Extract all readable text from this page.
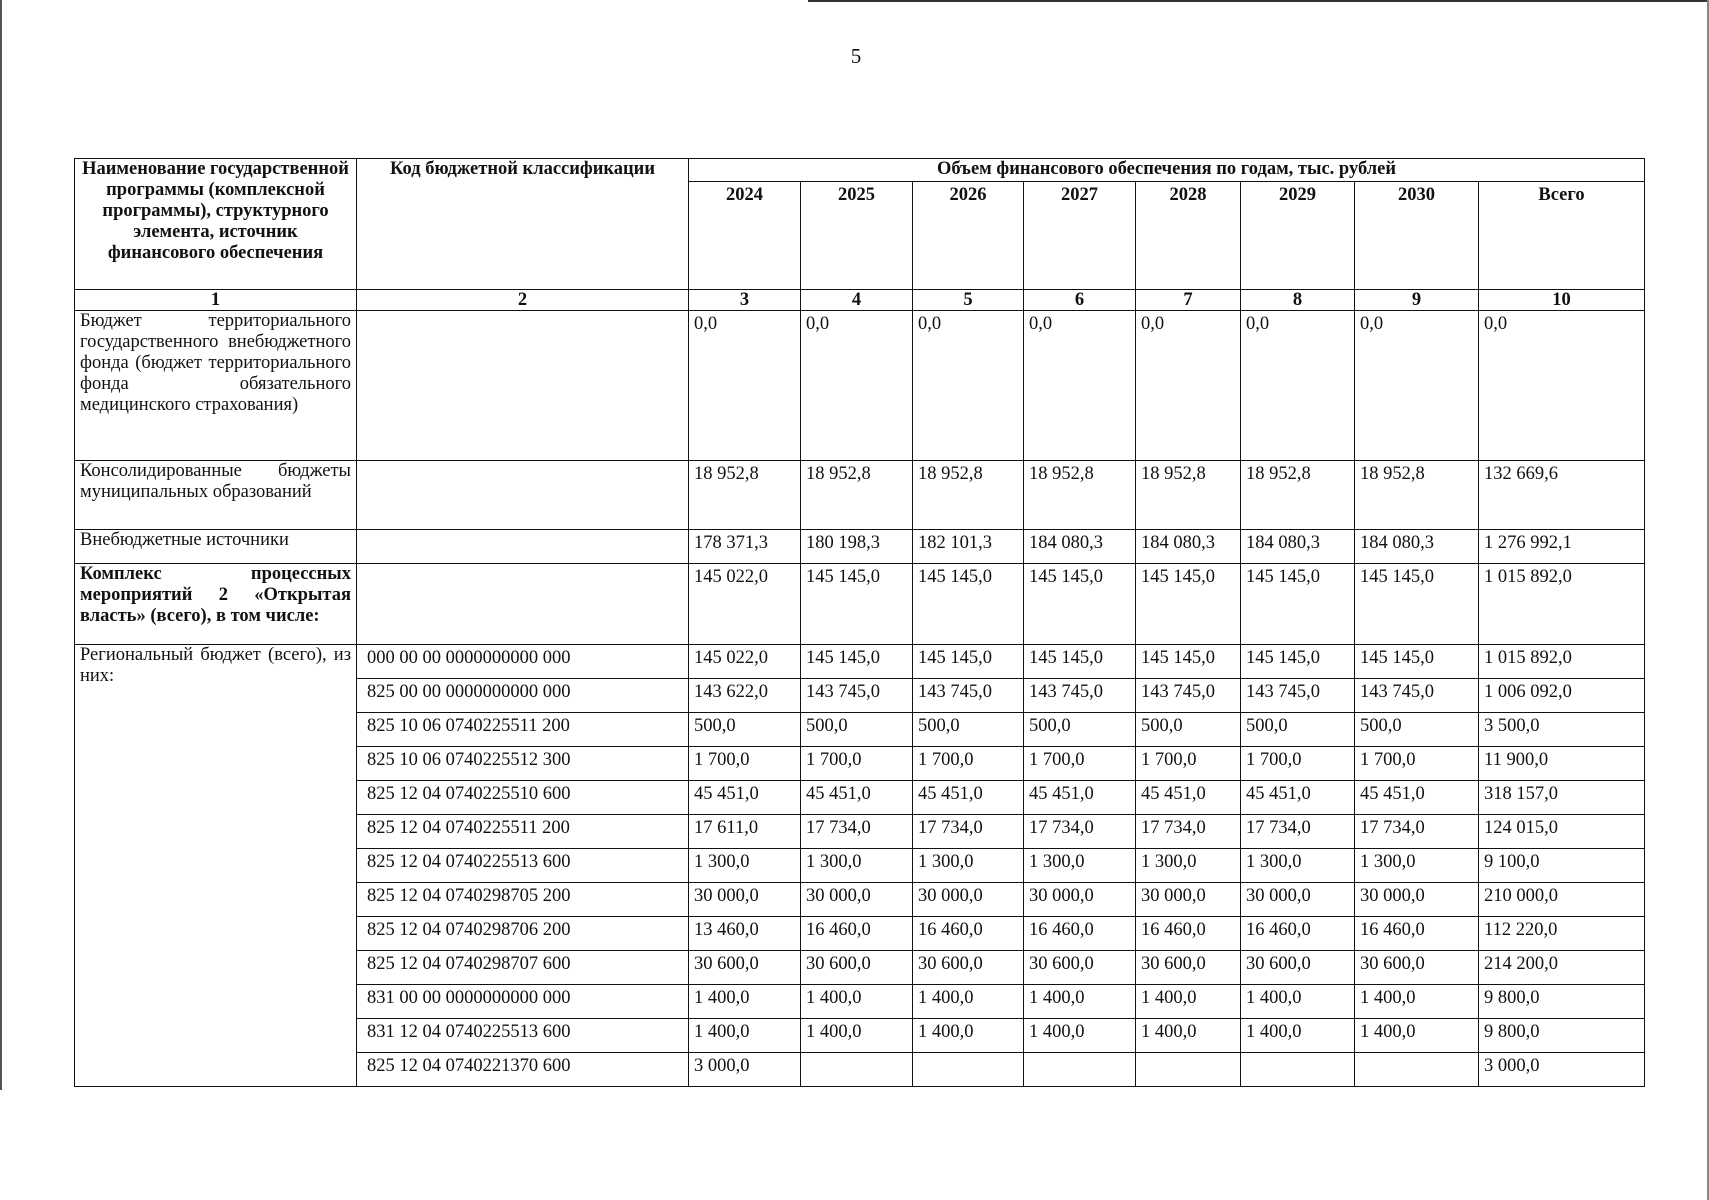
5
Наименование государственной программы (комплексной программы), структурного элемента, источник финансового обеспечения	Код бюджетной классификации	Объем финансового обеспечения по годам, тыс. рублей							
		2024	2025	2026	2027	2028	2029	2030	Всего
1	2	3	4	5	6	7	8	9	10
Бюджет территориального государственного внебюджетного фонда (бюджет территориального фонда обязательного медицинского страхования)		0,0	0,0	0,0	0,0	0,0	0,0	0,0	0,0
Консолидированные бюджеты муниципальных образований		18 952,8	18 952,8	18 952,8	18 952,8	18 952,8	18 952,8	18 952,8	132 669,6
Внебюджетные источники		178 371,3	180 198,3	182 101,3	184 080,3	184 080,3	184 080,3	184 080,3	1 276 992,1
Комплекс процессных мероприятий 2 «Открытая власть» (всего), в том числе:		145 022,0	145 145,0	145 145,0	145 145,0	145 145,0	145 145,0	145 145,0	1 015 892,0
Региональный бюджет (всего), из них:	000 00 00 0000000000 000	145 022,0	145 145,0	145 145,0	145 145,0	145 145,0	145 145,0	145 145,0	1 015 892,0
	825 00 00 0000000000 000	143 622,0	143 745,0	143 745,0	143 745,0	143 745,0	143 745,0	143 745,0	1 006 092,0
	825 10 06 0740225511 200	500,0	500,0	500,0	500,0	500,0	500,0	500,0	3 500,0
	825 10 06 0740225512 300	1 700,0	1 700,0	1 700,0	1 700,0	1 700,0	1 700,0	1 700,0	11 900,0
	825 12 04 0740225510 600	45 451,0	45 451,0	45 451,0	45 451,0	45 451,0	45 451,0	45 451,0	318 157,0
	825 12 04 0740225511 200	17 611,0	17 734,0	17 734,0	17 734,0	17 734,0	17 734,0	17 734,0	124 015,0
	825 12 04 0740225513 600	1 300,0	1 300,0	1 300,0	1 300,0	1 300,0	1 300,0	1 300,0	9 100,0
	825 12 04 0740298705 200	30 000,0	30 000,0	30 000,0	30 000,0	30 000,0	30 000,0	30 000,0	210 000,0
	825 12 04 0740298706 200	13 460,0	16 460,0	16 460,0	16 460,0	16 460,0	16 460,0	16 460,0	112 220,0
	825 12 04 0740298707 600	30 600,0	30 600,0	30 600,0	30 600,0	30 600,0	30 600,0	30 600,0	214 200,0
	831 00 00 0000000000 000	1 400,0	1 400,0	1 400,0	1 400,0	1 400,0	1 400,0	1 400,0	9 800,0
	831 12 04 0740225513 600	1 400,0	1 400,0	1 400,0	1 400,0	1 400,0	1 400,0	1 400,0	9 800,0
	825 12 04 0740221370 600	3 000,0							3 000,0
